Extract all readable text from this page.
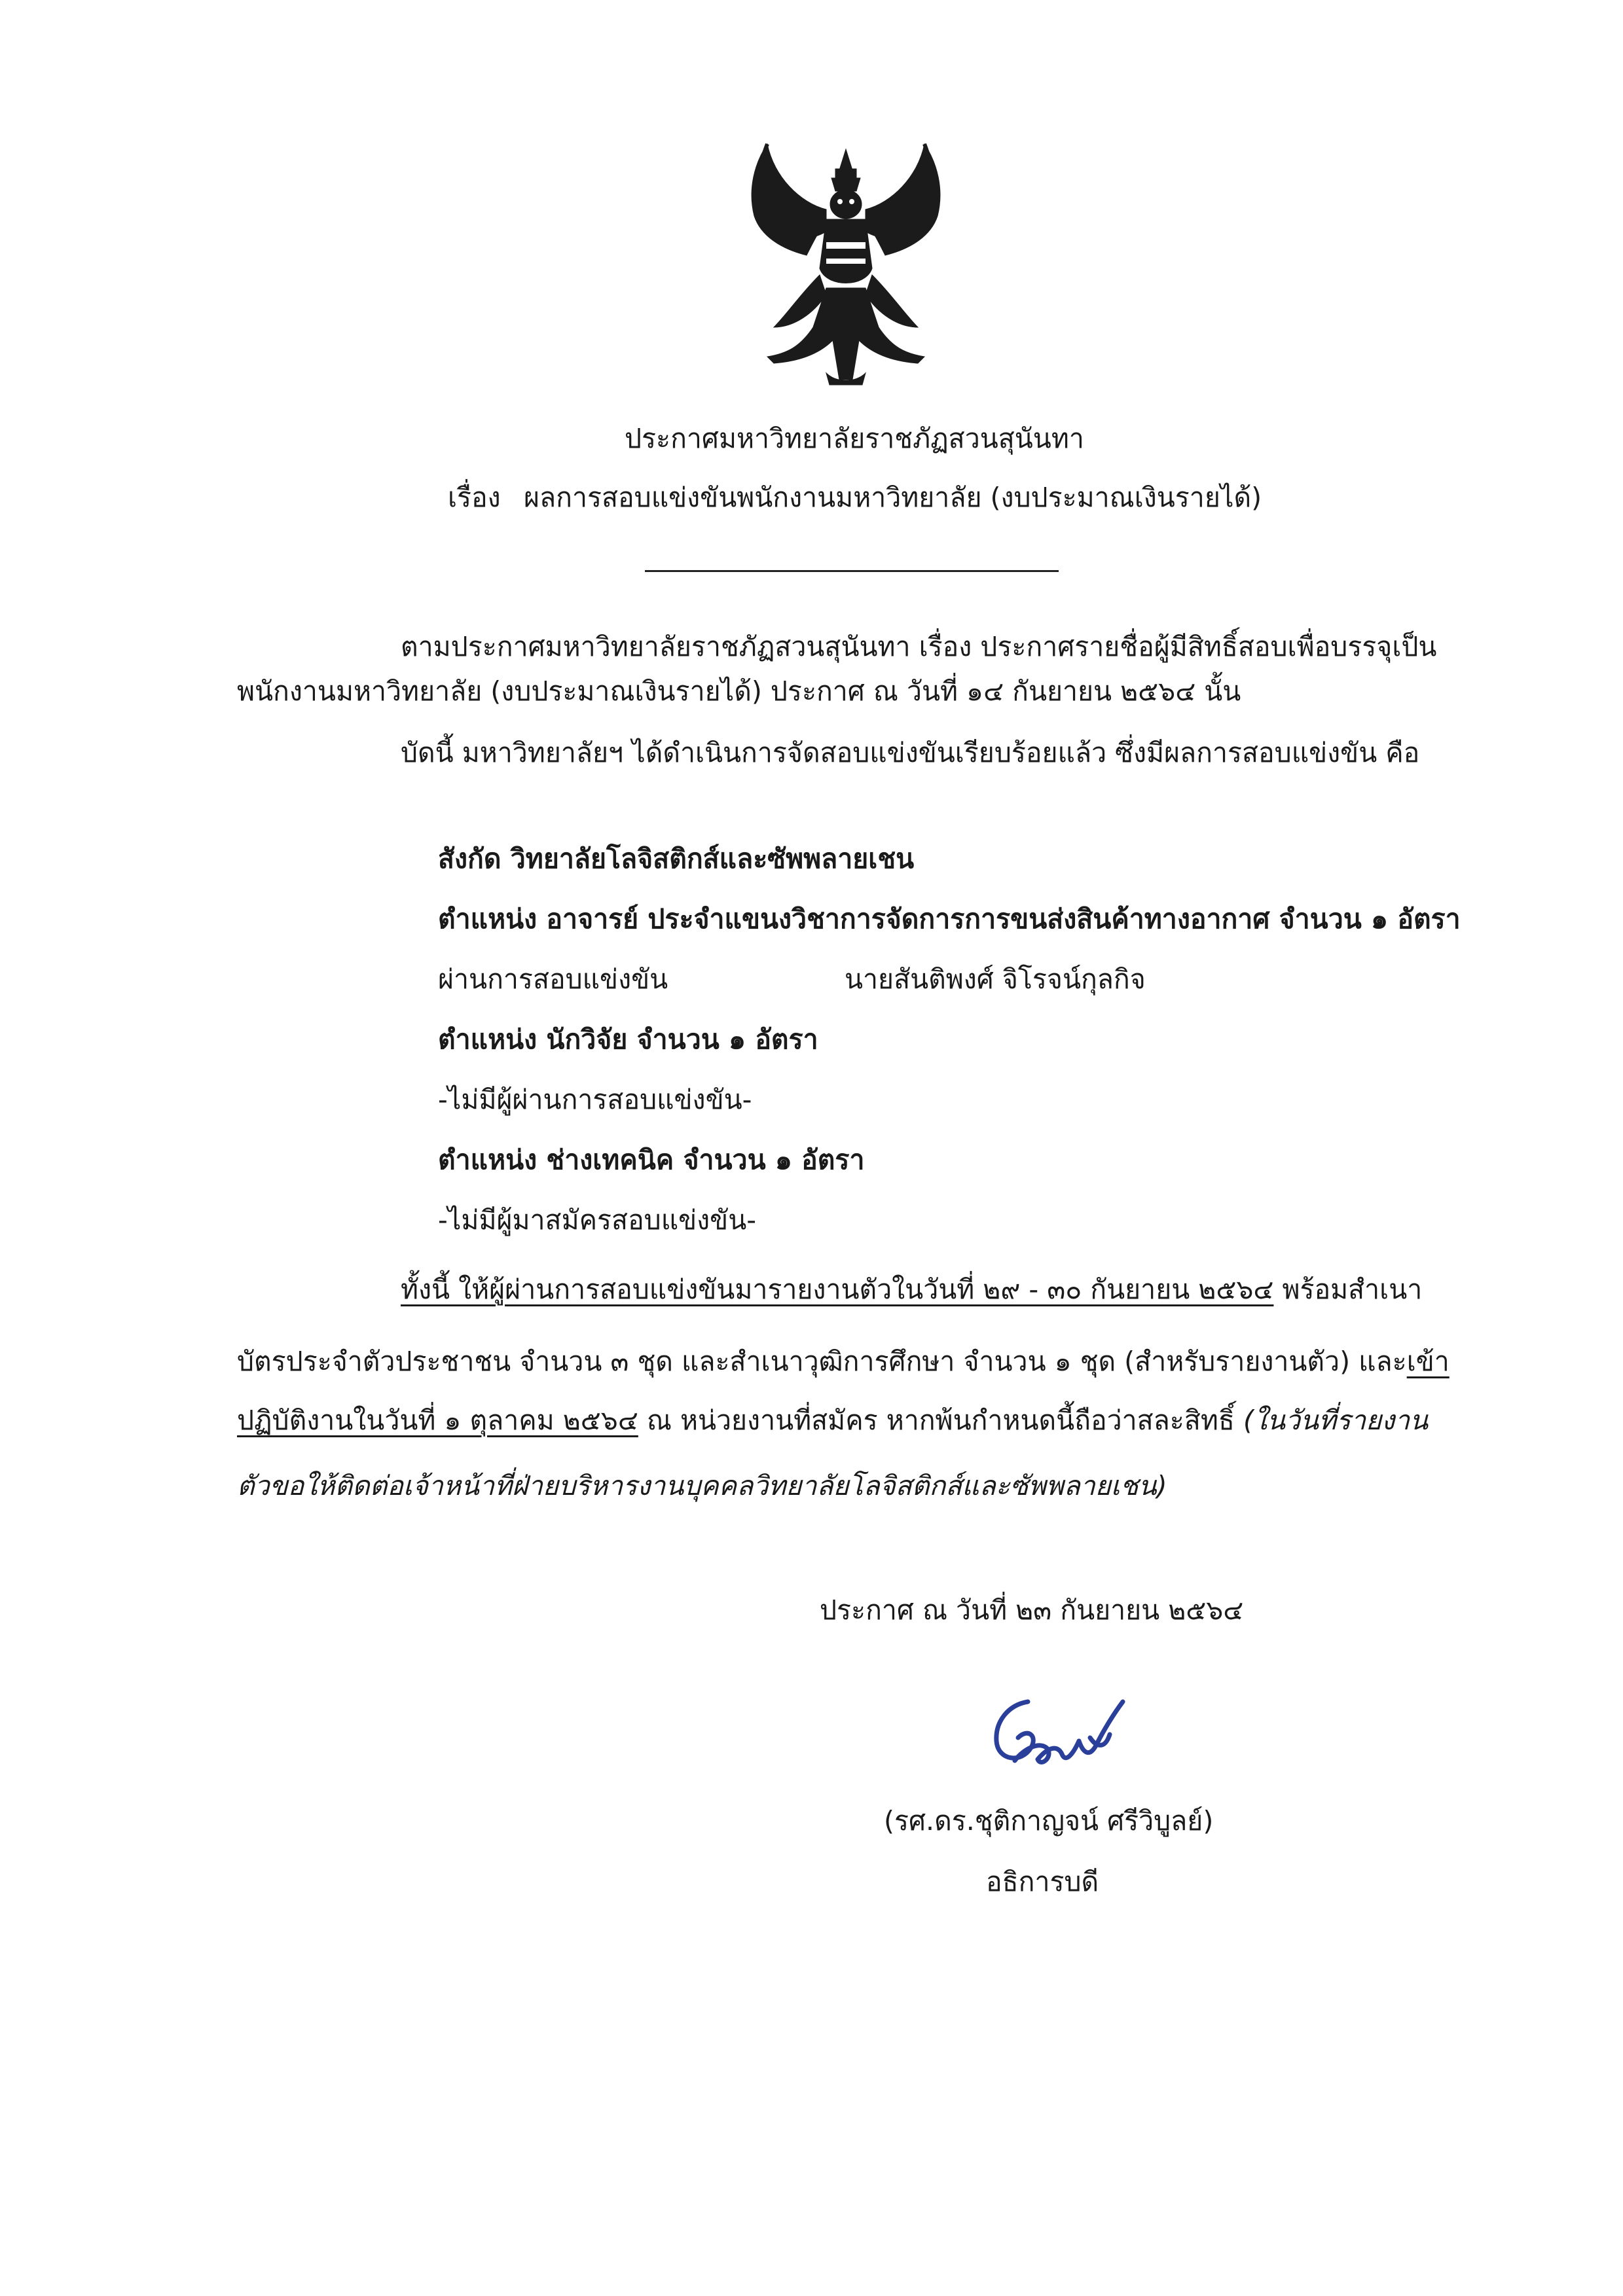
ประกาศมหาวิทยาลัยราชภัฏสวนสุนันทา
เรื่อง ผลการสอบแข่งขันพนักงานมหาวิทยาลัย (งบประมาณเงินรายได้)
ตามประกาศมหาวิทยาลัยราชภัฏสวนสุนันทา เรื่อง ประกาศรายชื่อผู้มีสิทธิ์สอบเพื่อบรรจุเป็น
พนักงานมหาวิทยาลัย (งบประมาณเงินรายได้) ประกาศ ณ วันที่ ๑๔ กันยายน ๒๕๖๔ นั้น
บัดนี้ มหาวิทยาลัยฯ ได้ดำเนินการจัดสอบแข่งขันเรียบร้อยแล้ว ซึ่งมีผลการสอบแข่งขัน คือ
สังกัด วิทยาลัยโลจิสติกส์และซัพพลายเชน
ตำแหน่ง อาจารย์ ประจำแขนงวิชาการจัดการการขนส่งสินค้าทางอากาศ จำนวน ๑ อัตรา
ผ่านการสอบแข่งขัน	นายสันติพงศ์ จิโรจน์กุลกิจ
ตำแหน่ง นักวิจัย จำนวน ๑ อัตรา
-ไม่มีผู้ผ่านการสอบแข่งขัน-
ตำแหน่ง ช่างเทคนิค จำนวน ๑ อัตรา
-ไม่มีผู้มาสมัครสอบแข่งขัน-
ทั้งนี้ ให้ผู้ผ่านการสอบแข่งขันมารายงานตัวในวันที่ ๒๙ - ๓๐ กันยายน ๒๕๖๔ พร้อมสำเนา
บัตรประจำตัวประชาชน จำนวน ๓ ชุด และสำเนาวุฒิการศึกษา จำนวน ๑ ชุด (สำหรับรายงานตัว) และเข้า
ปฏิบัติงานในวันที่ ๑ ตุลาคม ๒๕๖๔ ณ หน่วยงานที่สมัคร หากพ้นกำหนดนี้ถือว่าสละสิทธิ์ (ในวันที่รายงาน
ตัวขอให้ติดต่อเจ้าหน้าที่ฝ่ายบริหารงานบุคคลวิทยาลัยโลจิสติกส์และซัพพลายเชน)
ประกาศ ณ วันที่ ๒๓ กันยายน ๒๕๖๔
(รศ.ดร.ชุติกาญจน์ ศรีวิบูลย์)
อธิการบดี
